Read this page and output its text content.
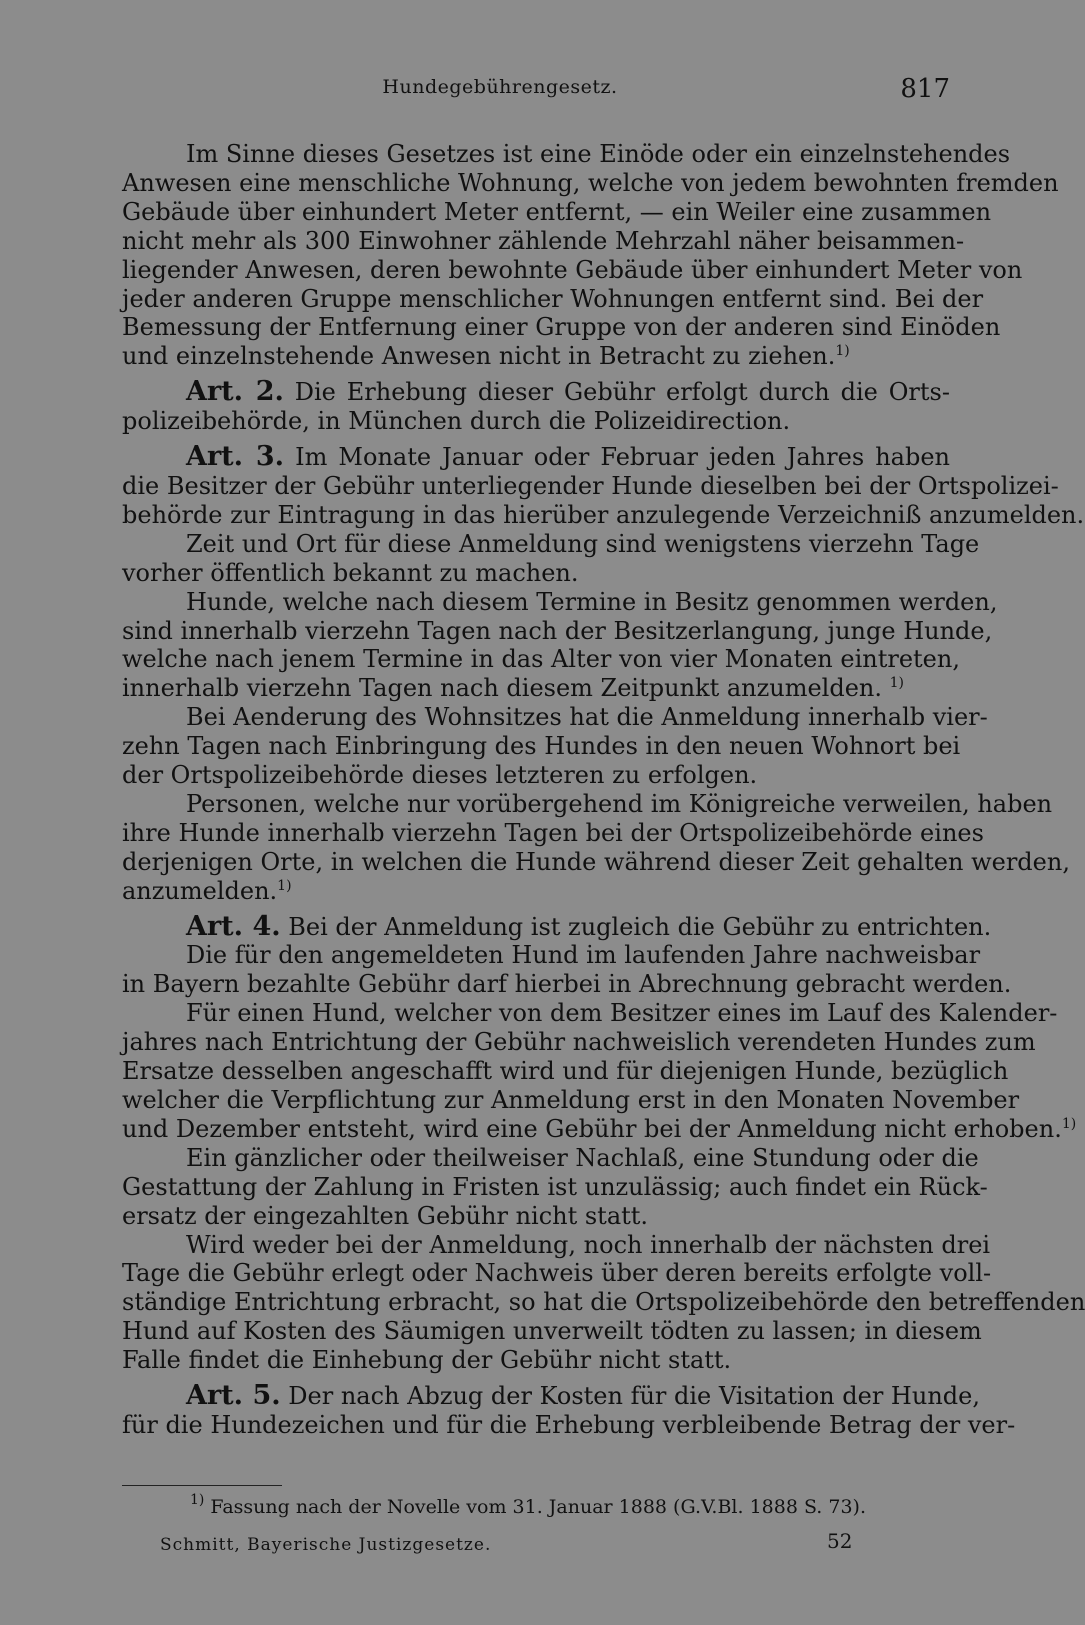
Hundegebührengesetz.	817
Im Sinne dieses Gesetzes ist eine Einöde oder ein einzelnstehendes
Anwesen eine menschliche Wohnung, welche von jedem bewohnten fremden
Gebäude über einhundert Meter entfernt, — ein Weiler eine zusammen
nicht mehr als 300 Einwohner zählende Mehrzahl näher beisammen-
liegender Anwesen, deren bewohnte Gebäude über einhundert Meter von
jeder anderen Gruppe menschlicher Wohnungen entfernt sind. Bei der
Bemessung der Entfernung einer Gruppe von der anderen sind Einöden
und einzelnstehende Anwesen nicht in Betracht zu ziehen.$^{1)}$
Art. 2. Die Erhebung dieser Gebühr erfolgt durch die Orts-
polizeibehörde, in München durch die Polizeidirection.
Art. 3. Im Monate Januar oder Februar jeden Jahres haben
die Besitzer der Gebühr unterliegender Hunde dieselben bei der Ortspolizei-
behörde zur Eintragung in das hierüber anzulegende Verzeichniß anzumelden.
Zeit und Ort für diese Anmeldung sind wenigstens vierzehn Tage
vorher öffentlich bekannt zu machen.
Hunde, welche nach diesem Termine in Besitz genommen werden,
sind innerhalb vierzehn Tagen nach der Besitzerlangung, junge Hunde,
welche nach jenem Termine in das Alter von vier Monaten eintreten,
innerhalb vierzehn Tagen nach diesem Zeitpunkt anzumelden. $^{1)}$
Bei Aenderung des Wohnsitzes hat die Anmeldung innerhalb vier-
zehn Tagen nach Einbringung des Hundes in den neuen Wohnort bei
der Ortspolizeibehörde dieses letzteren zu erfolgen.
Personen, welche nur vorübergehend im Königreiche verweilen, haben
ihre Hunde innerhalb vierzehn Tagen bei der Ortspolizeibehörde eines
derjenigen Orte, in welchen die Hunde während dieser Zeit gehalten werden,
anzumelden.$^{1)}$
Art. 4. Bei der Anmeldung ist zugleich die Gebühr zu entrichten.
Die für den angemeldeten Hund im laufenden Jahre nachweisbar
in Bayern bezahlte Gebühr darf hierbei in Abrechnung gebracht werden.
Für einen Hund, welcher von dem Besitzer eines im Lauf des Kalender-
jahres nach Entrichtung der Gebühr nachweislich verendeten Hundes zum
Ersatze desselben angeschafft wird und für diejenigen Hunde, bezüglich
welcher die Verpflichtung zur Anmeldung erst in den Monaten November
und Dezember entsteht, wird eine Gebühr bei der Anmeldung nicht erhoben.$^{1)}$
Ein gänzlicher oder theilweiser Nachlaß, eine Stundung oder die
Gestattung der Zahlung in Fristen ist unzulässig; auch findet ein Rück-
ersatz der eingezahlten Gebühr nicht statt.
Wird weder bei der Anmeldung, noch innerhalb der nächsten drei
Tage die Gebühr erlegt oder Nachweis über deren bereits erfolgte voll-
ständige Entrichtung erbracht, so hat die Ortspolizeibehörde den betreffenden
Hund auf Kosten des Säumigen unverweilt tödten zu lassen; in diesem
Falle findet die Einhebung der Gebühr nicht statt.
Art. 5. Der nach Abzug der Kosten für die Visitation der Hunde,
für die Hundezeichen und für die Erhebung verbleibende Betrag der ver-
$^{1)}$ Fassung nach der Novelle vom 31. Januar 1888 (G.V.Bl. 1888 S. 73).
Schmitt, Bayerische Justizgesetze.	52
